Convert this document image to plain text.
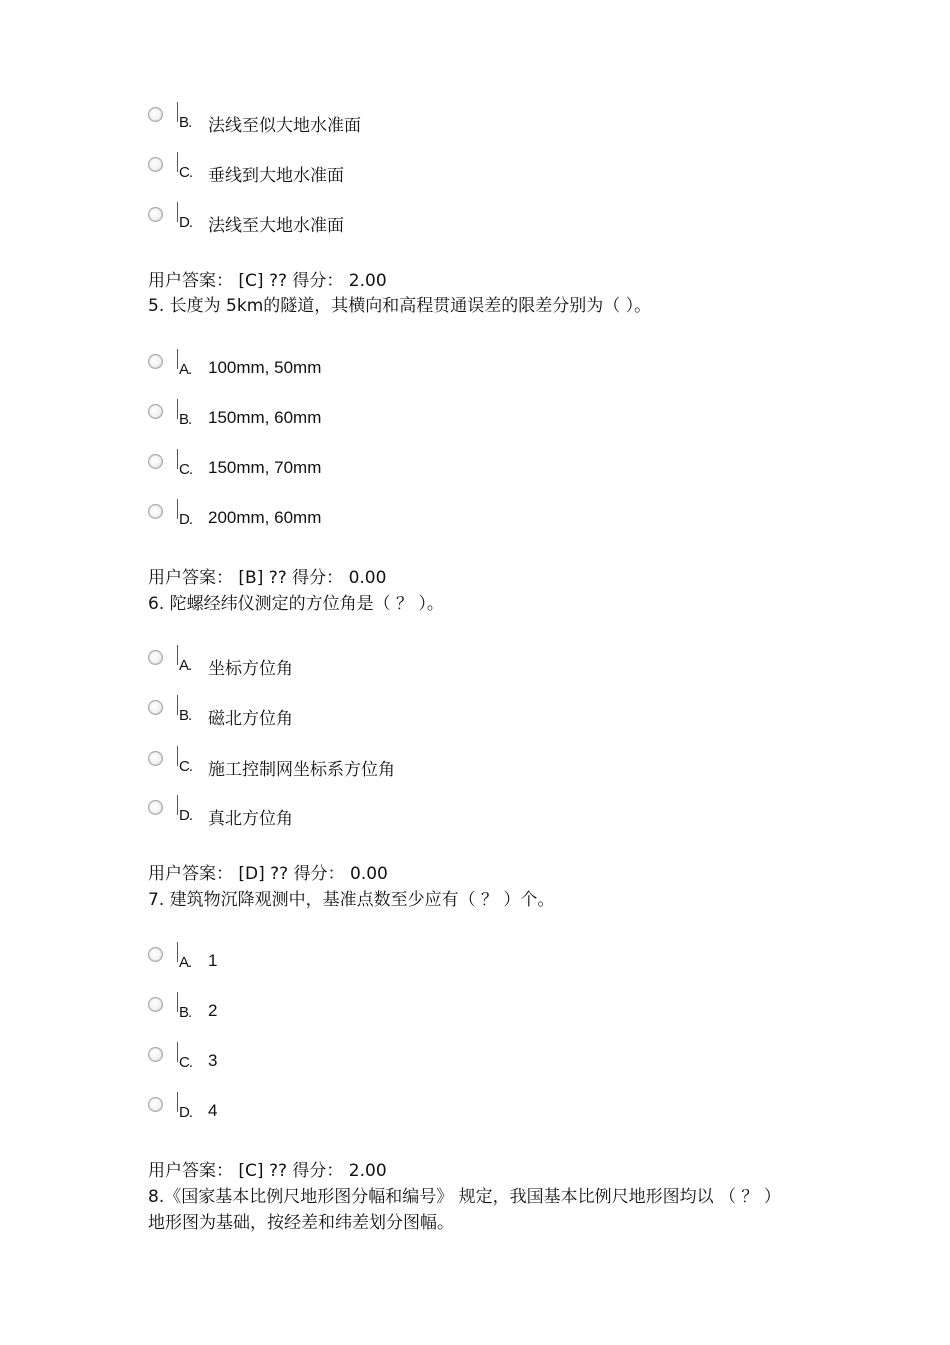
B. 法线至似大地水准面
C. 垂线到大地水准面
D. 法线至大地水准面
用户答案： [C] ?? 得分： 2.00
5. 长度为 5km的隧道，其横向和高程贯通误差的限差分别为（ ）。
A. 100mm, 50mm
B. 150mm, 60mm
C. 150mm, 70mm
D. 200mm, 60mm
用户答案： [B] ?? 得分： 0.00
6. 陀螺经纬仪测定的方位角是（ ？ ）。
A. 坐标方位角
B. 磁北方位角
C. 施工控制网坐标系方位角
D. 真北方位角
用户答案： [D] ?? 得分： 0.00
7. 建筑物沉降观测中，基准点数至少应有（ ？ ）个。
A. 1
B. 2
C. 3
D. 4
用户答案： [C] ?? 得分： 2.00
8.《国家基本比例尺地形图分幅和编号》 规定，我国基本比例尺地形图均以 （ ？ ）
地形图为基础，按经差和纬差划分图幅。
